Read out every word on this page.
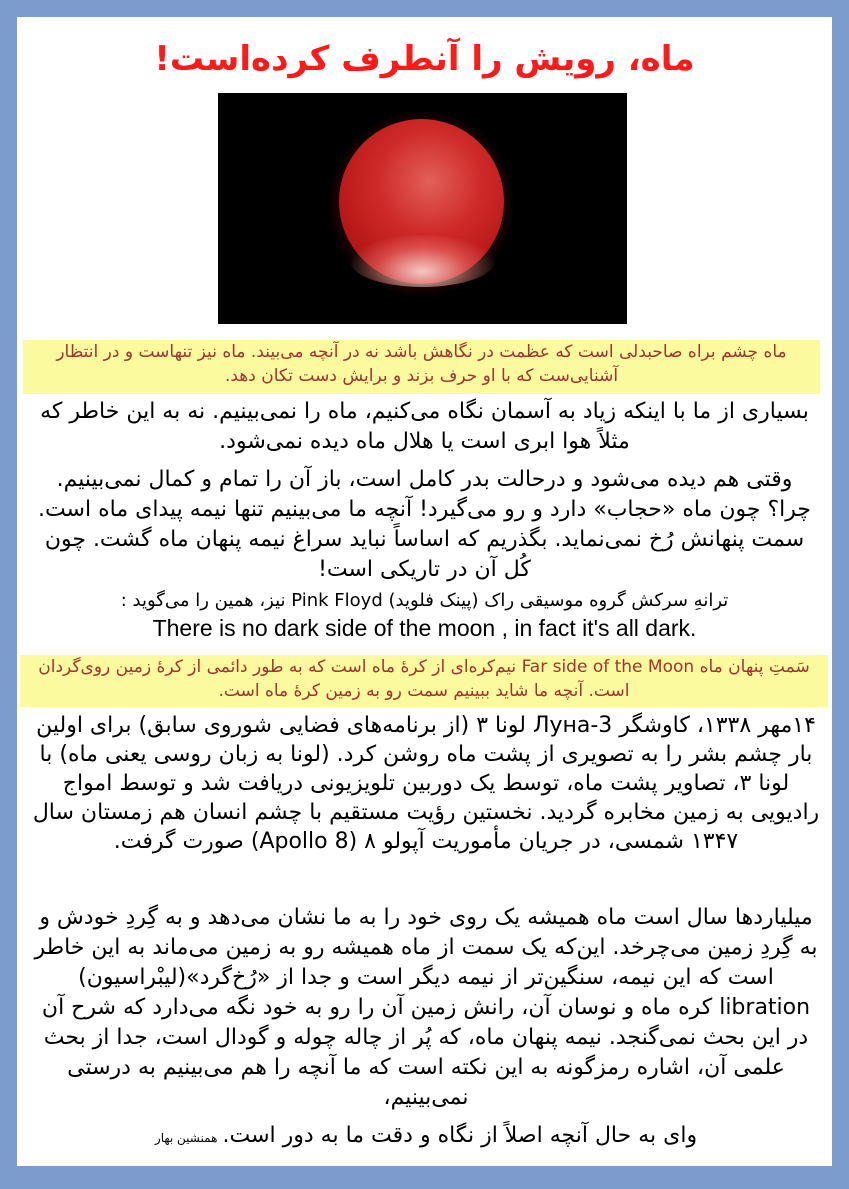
ماه، رویش را آنطرف کرده‌است!
ماه چشم براه صاحبدلی است که عظمت در نگاهش باشد نه در آنچه می‌بیند. ماه نیز تنهاست و در انتظار آشنایی‌ست که با او حرف بزند و برایش دست تکان دهد.
بسیاری از ما با اینکه زیاد به آسمان نگاه می‌کنیم، ماه را نمی‌بینیم. نه به این خاطر که مثلاً هوا ابری است یا هلال ماه دیده نمی‌شود.
وقتی هم دیده می‌شود و درحالت بدر کامل است، باز آن را تمام و کمال نمی‌بینیم. چرا؟ چون ماه «حجاب» دارد و رو می‌گیرد! آنچه ما می‌بینیم تنها نیمه پیدای ماه است. سمت پنهانش رُخ نمی‌نماید. بگذریم که اساساً نباید سراغ نیمه پنهان ماه گشت. چون کُل آن در تاریکی است!
ترانهِ سرکش گروه موسیقی راک (پینک فلوید) Pink Floyd نیز، همین را می‌گوید :
There is no dark side of the moon , in fact it's all dark.
سَمتِ پنهان ماه Far side of the Moon نیم‌کره‌ای از کرهٔ ماه است که به طور دائمی از کرهٔ زمین روی‌گردان است. آنچه ما شاید ببینیم سمت رو به زمین کرهٔ ماه است.
۱۴مهر ۱۳۳۸، کاوشگر Луна-3 لونا ۳ (از برنامه‌های فضایی شوروی سابق) برای اولین بار چشم بشر را به تصویری از پشت ماه روشن کرد. (لونا به زبان روسی یعنی ماه) با لونا ۳، تصاویر پشت ماه، توسط یک دوربین تلویزیونی دریافت شد و توسط امواج رادیویی به زمین مخابره گردید. نخستین رؤیت مستقیم با چشم انسان هم زمستان سال ۱۳۴۷ شمسی، در جریان مأموریت آپولو ۸ (Apollo 8) صورت گرفت.
میلیاردها سال است ماه همیشه یک روی خود را به ما نشان می‌دهد و به گِردِ خودش و به گِردِ زمین می‌چرخد. این‌که یک سمت از ماه همیشه رو به زمین می‌ماند به این خاطر است که این نیمه، سنگین‌تر از نیمه دیگر است و جدا از «رُخ‌گرد»(لیبْراسیون) libration کره ماه و نوسان آن، رانش زمین آن را رو به خود نگه می‌دارد که شرح آن در این بحث نمی‌گنجد. نیمه پنهان ماه، که پُر از چاله چوله و گودال است، جدا از بحث علمی آن، اشاره رمزگونه به این نکته است که ما آنچه را هم می‌بینیم به درستی نمی‌بینیم،
وای به حال آنچه اصلاً از نگاه و دقت ما به دور است. همنشین بهار
